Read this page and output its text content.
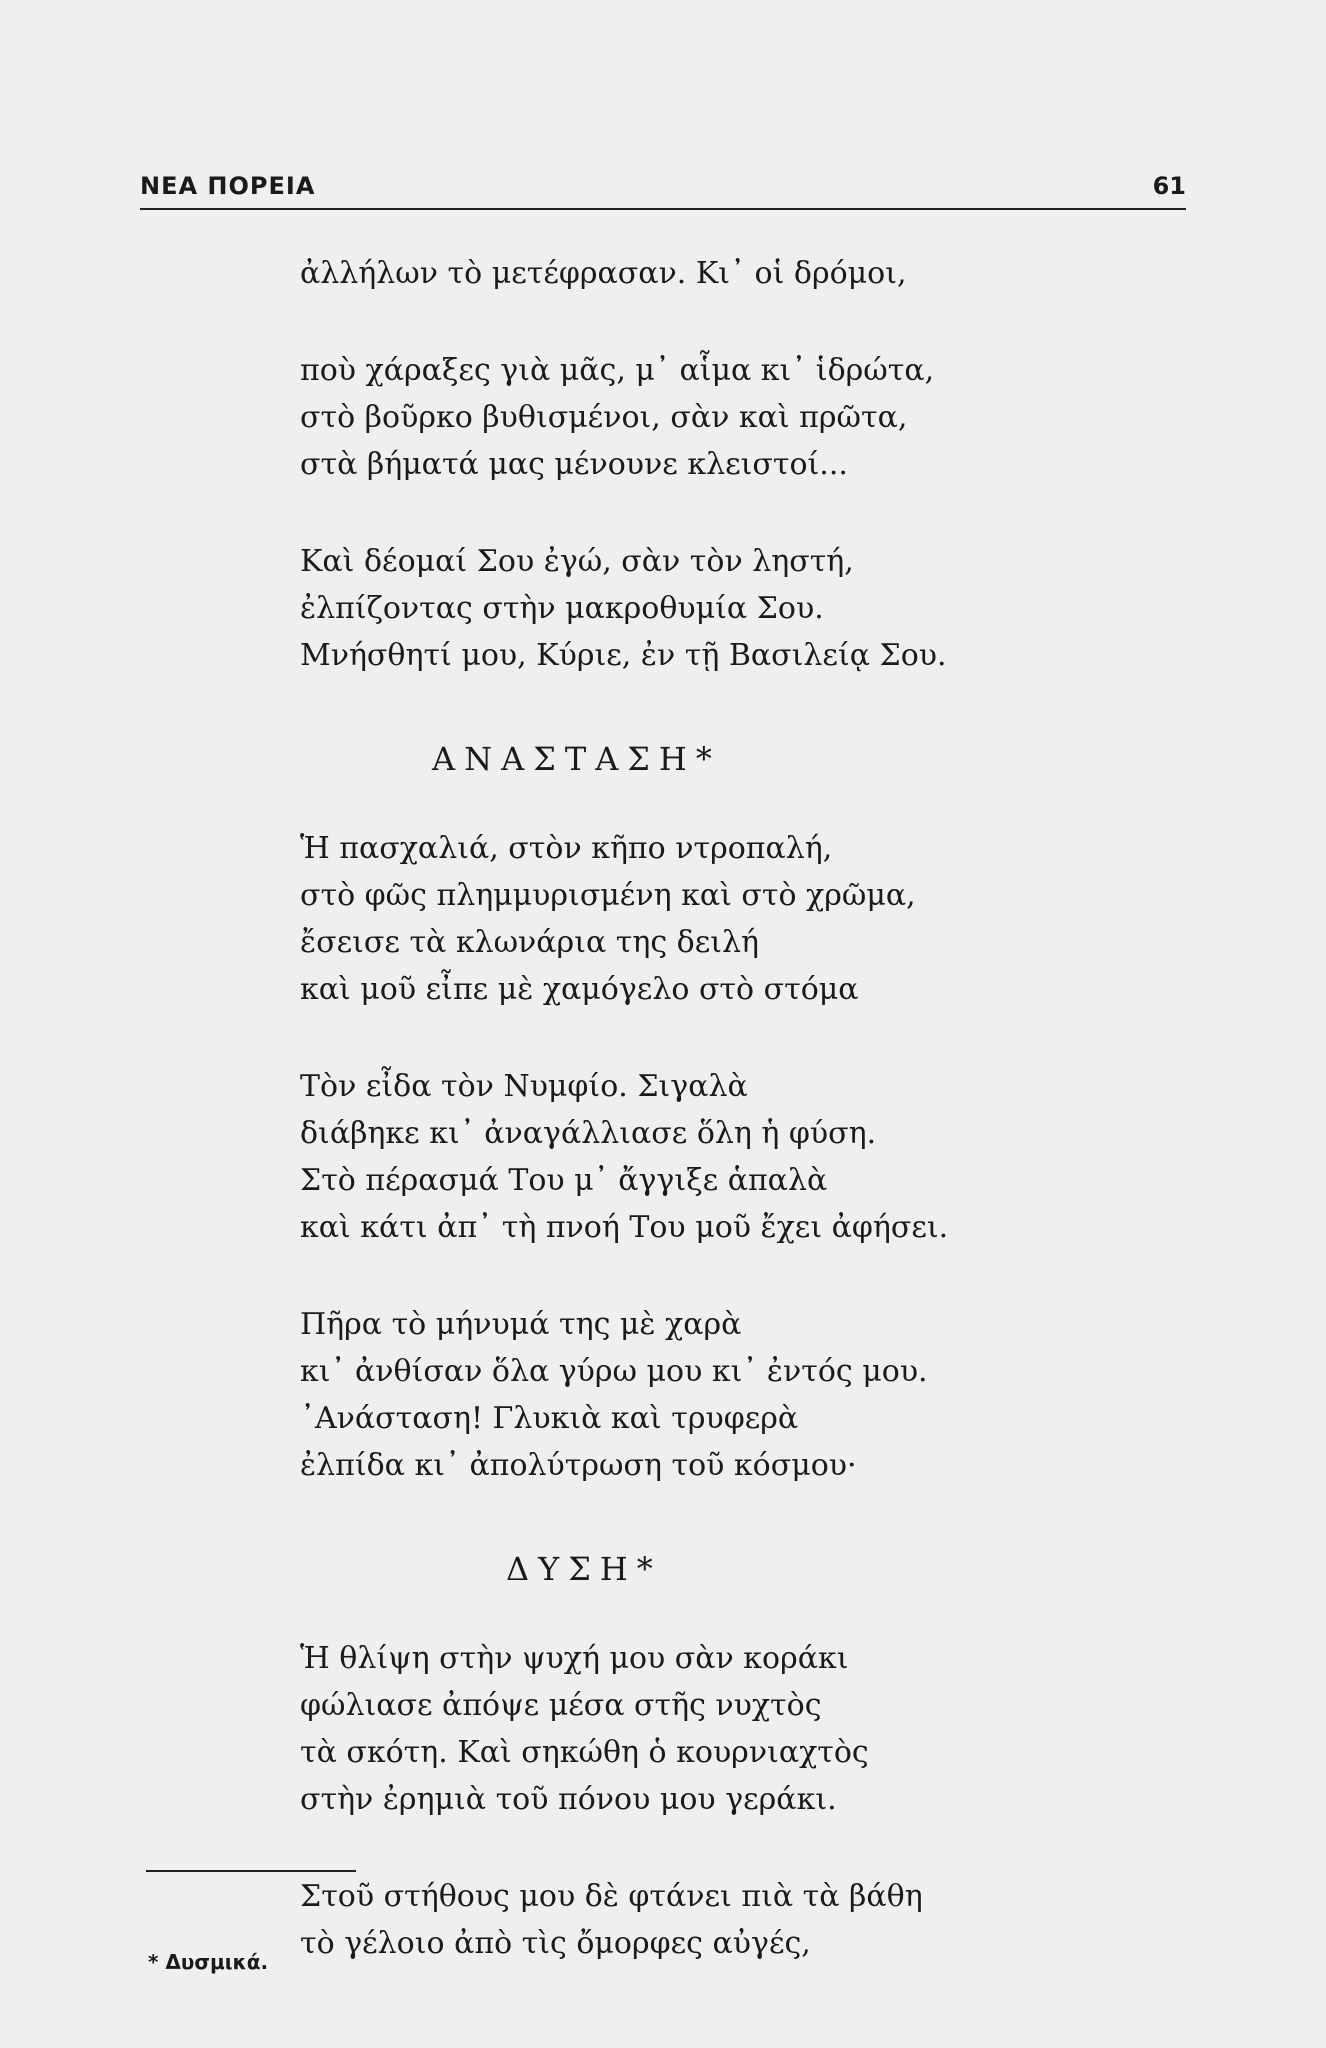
ΝΕΑ ΠΟΡΕΙΑ	61
ἀλλήλων τὸ μετέφρασαν. Κι᾽ οἱ δρόμοι,
ποὺ χάραξες γιὰ μᾶς, μ᾽ αἷμα κι᾽ ἱδρώτα,
στὸ βοῦρκο βυθισμένοι, σὰν καὶ πρῶτα,
στὰ βήματά μας μένουνε κλειστοί...
Καὶ δέομαί Σου ἐγώ, σὰν τὸν ληστή,
ἐλπίζοντας στὴν μακροθυμία Σου.
Μνήσθητί μου, Κύριε, ἐν τῇ Βασιλείᾳ Σου.
ΑΝΑΣΤΑΣΗ*
Ἡ πασχαλιά, στὸν κῆπο ντροπαλή,
στὸ φῶς πλημμυρισμένη καὶ στὸ χρῶμα,
ἔσεισε τὰ κλωνάρια της δειλή
καὶ μοῦ εἶπε μὲ χαμόγελο στὸ στόμα
Τὸν εἶδα τὸν Νυμφίο. Σιγαλὰ
διάβηκε κι᾽ ἀναγάλλιασε ὅλη ἡ φύση.
Στὸ πέρασμά Του μ᾽ ἄγγιξε ἁπαλὰ
καὶ κάτι ἀπ᾽ τὴ πνοή Του μοῦ ἔχει ἀφήσει.
Πῆρα τὸ μήνυμά της μὲ χαρὰ
κι᾽ ἀνθίσαν ὅλα γύρω μου κι᾽ ἐντός μου.
᾽Ανάσταση! Γλυκιὰ καὶ τρυφερὰ
ἐλπίδα κι᾽ ἀπολύτρωση τοῦ κόσμου·
ΔΥΣΗ*
Ἡ θλίψη στὴν ψυχή μου σὰν κοράκι
φώλιασε ἀπόψε μέσα στῆς νυχτὸς
τὰ σκότη. Καὶ σηκώθη ὁ κουρνιαχτὸς
στὴν ἐρημιὰ τοῦ πόνου μου γεράκι.
Στοῦ στήθους μου δὲ φτάνει πιὰ τὰ βάθη
τὸ γέλοιο ἀπὸ τὶς ὄμορφες αὐγές,
* Δυσμικά.
